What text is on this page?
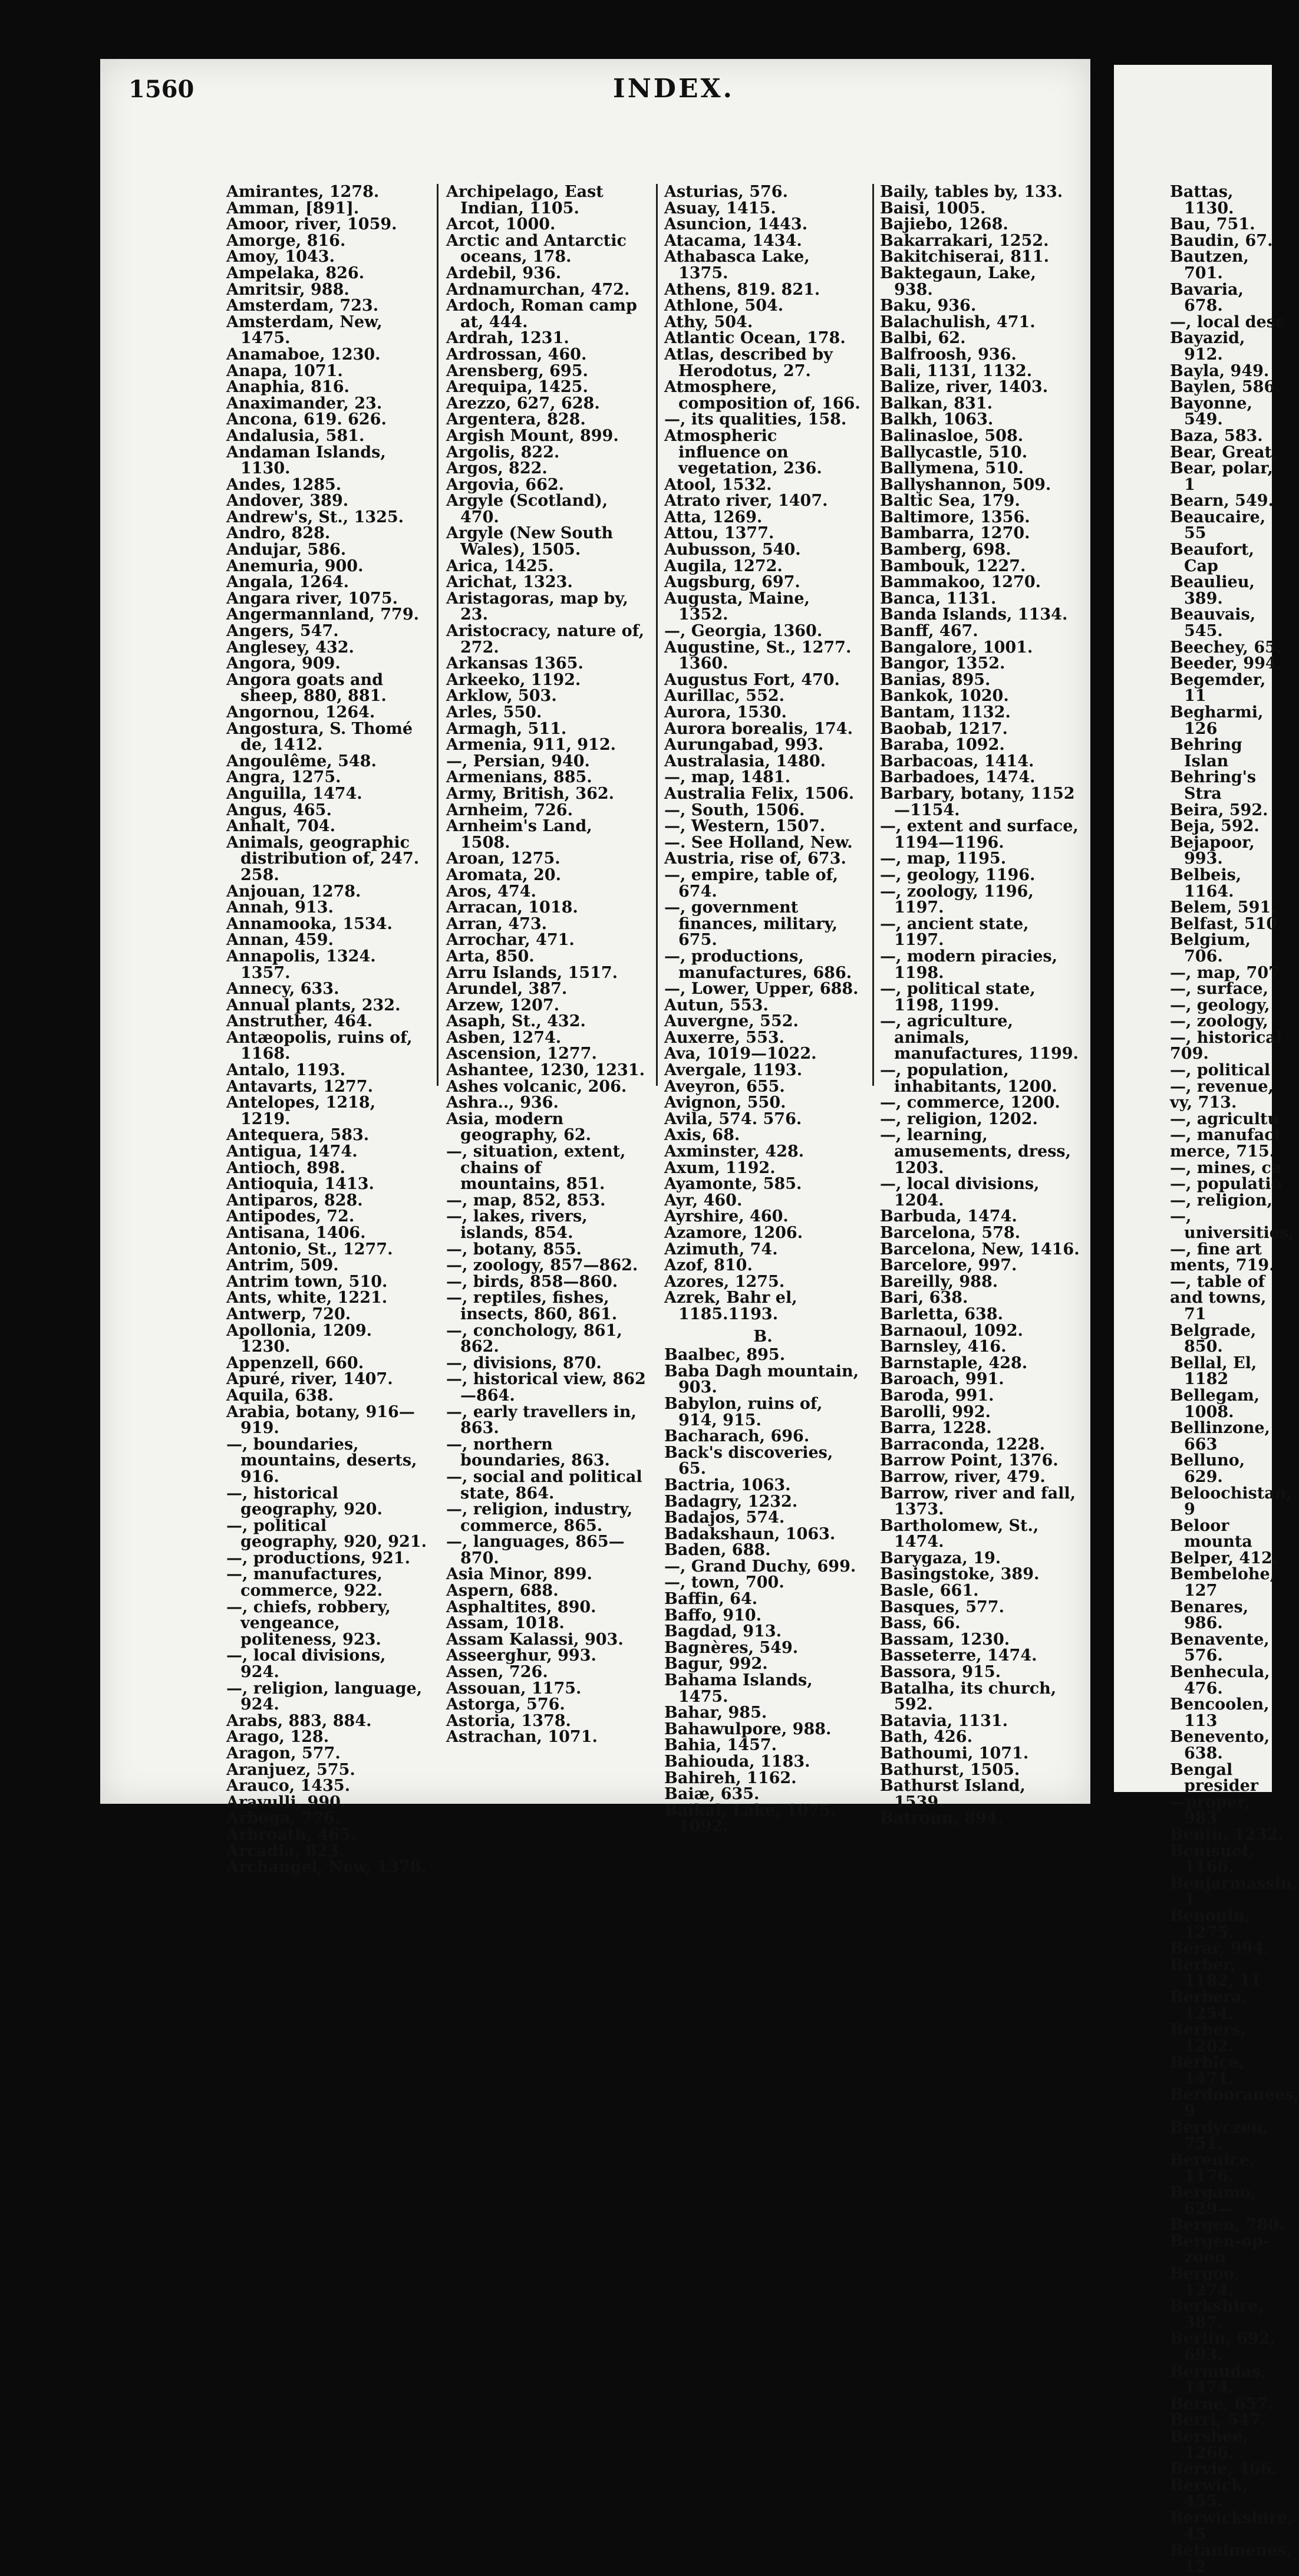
1560	INDEX.
Amirantes, 1278.
Amman, [891].
Amoor, river, 1059.
Amorge, 816.
Amoy, 1043.
Ampelaka, 826.
Amritsir, 988.
Amsterdam, 723.
Amsterdam, New, 1475.
Anamaboe, 1230.
Anapa, 1071.
Anaphia, 816.
Anaximander, 23.
Ancona, 619. 626.
Andalusia, 581.
Andaman Islands, 1130.
Andes, 1285.
Andover, 389.
Andrew's, St., 1325.
Andro, 828.
Andujar, 586.
Anemuria, 900.
Angala, 1264.
Angara river, 1075.
Angermannland, 779.
Angers, 547.
Anglesey, 432.
Angora, 909.
Angora goats and sheep, 880, 881.
Angornou, 1264.
Angostura, S. Thomé de, 1412.
Angoulême, 548.
Angra, 1275.
Anguilla, 1474.
Angus, 465.
Anhalt, 704.
Animals, geographic distribution of, 247. 258.
Anjouan, 1278.
Annah, 913.
Annamooka, 1534.
Annan, 459.
Annapolis, 1324. 1357.
Annecy, 633.
Annual plants, 232.
Anstruther, 464.
Antæopolis, ruins of, 1168.
Antalo, 1193.
Antavarts, 1277.
Antelopes, 1218, 1219.
Antequera, 583.
Antigua, 1474.
Antioch, 898.
Antioquia, 1413.
Antiparos, 828.
Antipodes, 72.
Antisana, 1406.
Antonio, St., 1277.
Antrim, 509.
Antrim town, 510.
Ants, white, 1221.
Antwerp, 720.
Apollonia, 1209. 1230.
Appenzell, 660.
Apuré, river, 1407.
Aquila, 638.
Arabia, botany, 916—919.
—, boundaries, mountains, deserts, 916.
—, historical geography, 920.
—, political geography, 920, 921.
—, productions, 921.
—, manufactures, commerce, 922.
—, chiefs, robbery, vengeance, politeness, 923.
—, local divisions, 924.
—, religion, language, 924.
Arabs, 883, 884.
Arago, 128.
Aragon, 577.
Aranjuez, 575.
Arauco, 1435.
Aravulli, 990.
Arboga, 776.
Arbroath, 465.
Arcadia, 823.
Archangel, New, 1378.
Archipelago, East Indian, 1105.
Arcot, 1000.
Arctic and Antarctic oceans, 178.
Ardebil, 936.
Ardnamurchan, 472.
Ardoch, Roman camp at, 444.
Ardrah, 1231.
Ardrossan, 460.
Arensberg, 695.
Arequipa, 1425.
Arezzo, 627, 628.
Argentera, 828.
Argish Mount, 899.
Argolis, 822.
Argos, 822.
Argovia, 662.
Argyle (Scotland), 470.
Argyle (New South Wales), 1505.
Arica, 1425.
Arichat, 1323.
Aristagoras, map by, 23.
Aristocracy, nature of, 272.
Arkansas 1365.
Arkeeko, 1192.
Arklow, 503.
Arles, 550.
Armagh, 511.
Armenia, 911, 912.
—, Persian, 940.
Armenians, 885.
Army, British, 362.
Arnheim, 726.
Arnheim's Land, 1508.
Aroan, 1275.
Aromata, 20.
Aros, 474.
Arracan, 1018.
Arran, 473.
Arrochar, 471.
Arta, 850.
Arru Islands, 1517.
Arundel, 387.
Arzew, 1207.
Asaph, St., 432.
Asben, 1274.
Ascension, 1277.
Ashantee, 1230, 1231.
Ashes volcanic, 206.
Ashra.., 936.
Asia, modern geography, 62.
—, situation, extent, chains of mountains, 851.
—, map, 852, 853.
—, lakes, rivers, islands, 854.
—, botany, 855.
—, zoology, 857—862.
—, birds, 858—860.
—, reptiles, fishes, insects, 860, 861.
—, conchology, 861, 862.
—, divisions, 870.
—, historical view, 862—864.
—, early travellers in, 863.
—, northern boundaries, 863.
—, social and political state, 864.
—, religion, industry, commerce, 865.
—, languages, 865—870.
Asia Minor, 899.
Aspern, 688.
Asphaltites, 890.
Assam, 1018.
Assam Kalassi, 903.
Asseerghur, 993.
Assen, 726.
Assouan, 1175.
Astorga, 576.
Astoria, 1378.
Astrachan, 1071.
Asturias, 576.
Asuay, 1415.
Asuncion, 1443.
Atacama, 1434.
Athabasca Lake, 1375.
Athens, 819. 821.
Athlone, 504.
Athy, 504.
Atlantic Ocean, 178.
Atlas, described by Herodotus, 27.
Atmosphere, composition of, 166.
—, its qualities, 158.
Atmospheric influence on vegetation, 236.
Atool, 1532.
Atrato river, 1407.
Atta, 1269.
Attou, 1377.
Aubusson, 540.
Augila, 1272.
Augsburg, 697.
Augusta, Maine, 1352.
—, Georgia, 1360.
Augustine, St., 1277. 1360.
Augustus Fort, 470.
Aurillac, 552.
Aurora, 1530.
Aurora borealis, 174.
Aurungabad, 993.
Australasia, 1480.
—, map, 1481.
Australia Felix, 1506.
—, South, 1506.
—, Western, 1507.
—. See Holland, New.
Austria, rise of, 673.
—, empire, table of, 674.
—, government finances, military, 675.
—, productions, manufactures, 686.
—, Lower, Upper, 688.
Autun, 553.
Auvergne, 552.
Auxerre, 553.
Ava, 1019—1022.
Avergale, 1193.
Aveyron, 655.
Avignon, 550.
Avila, 574. 576.
Axis, 68.
Axminster, 428.
Axum, 1192.
Ayamonte, 585.
Ayr, 460.
Ayrshire, 460.
Azamore, 1206.
Azimuth, 74.
Azof, 810.
Azores, 1275.
Azrek, Bahr el, 1185.1193.
B.
Baalbec, 895.
Baba Dagh mountain, 903.
Babylon, ruins of, 914, 915.
Bacharach, 696.
Back's discoveries, 65.
Bactria, 1063.
Badagry, 1232.
Badajos, 574.
Badakshaun, 1063.
Baden, 688.
—, Grand Duchy, 699.
—, town, 700.
Baffin, 64.
Baffo, 910.
Bagdad, 913.
Bagnères, 549.
Bagur, 992.
Bahama Islands, 1475.
Bahar, 985.
Bahawulpore, 988.
Bahia, 1457.
Bahiouda, 1183.
Bahireh, 1162.
Baiæ, 635.
Baikal, Lake, 1075. 1092.
Baily, tables by, 133.
Baisi, 1005.
Bajiebo, 1268.
Bakarrakari, 1252.
Bakitchiserai, 811.
Baktegaun, Lake, 938.
Baku, 936.
Balachulish, 471.
Balbi, 62.
Balfroosh, 936.
Bali, 1131, 1132.
Balize, river, 1403.
Balkan, 831.
Balkh, 1063.
Balinasloe, 508.
Ballycastle, 510.
Ballymena, 510.
Ballyshannon, 509.
Baltic Sea, 179.
Baltimore, 1356.
Bambarra, 1270.
Bamberg, 698.
Bambouk, 1227.
Bammakoo, 1270.
Banca, 1131.
Banda Islands, 1134.
Banff, 467.
Bangalore, 1001.
Bangor, 1352.
Banias, 895.
Bankok, 1020.
Bantam, 1132.
Baobab, 1217.
Baraba, 1092.
Barbacoas, 1414.
Barbadoes, 1474.
Barbary, botany, 1152—1154.
—, extent and surface, 1194—1196.
—, map, 1195.
—, geology, 1196.
—, zoology, 1196, 1197.
—, ancient state, 1197.
—, modern piracies, 1198.
—, political state, 1198, 1199.
—, agriculture, animals, manufactures, 1199.
—, population, inhabitants, 1200.
—, commerce, 1200.
—, religion, 1202.
—, learning, amusements, dress, 1203.
—, local divisions, 1204.
Barbuda, 1474.
Barcelona, 578.
Barcelona, New, 1416.
Barcelore, 997.
Bareilly, 988.
Bari, 638.
Barletta, 638.
Barnaoul, 1092.
Barnsley, 416.
Barnstaple, 428.
Baroach, 991.
Baroda, 991.
Barolli, 992.
Barra, 1228.
Barraconda, 1228.
Barrow Point, 1376.
Barrow, river, 479.
Barrow, river and fall, 1373.
Bartholomew, St., 1474.
Barygaza, 19.
Basingstoke, 389.
Basle, 661.
Basques, 577.
Bass, 66.
Bassam, 1230.
Basseterre, 1474.
Bassora, 915.
Batalha, its church, 592.
Batavia, 1131.
Bath, 426.
Bathoumi, 1071.
Bathurst, 1505.
Bathurst Island, 1539.
Batroun, 894.
Battas, 1130.
Bau, 751.
Baudin, 67.
Bautzen, 701.
Bavaria, 678.
—, local desc
Bayazid, 912.
Bayla, 949.
Baylen, 586.
Bayonne, 549.
Baza, 583.
Bear, Great,
Bear, polar, 1
Bearn, 549.
Beaucaire, 55
Beaufort, Cap
Beaulieu, 389.
Beauvais, 545.
Beechey, 65.
Beeder, 994.
Begemder, 11
Begharmi, 126
Behring Islan
Behring's Stra
Beira, 592.
Beja, 592.
Bejapoor, 993.
Belbeis, 1164.
Belem, 591.
Belfast, 510.
Belgium, 706.
—, map, 707
—, surface,
—, geology,
—, zoology,
—, historical
709.
—, political
—, revenue,
vy, 713.
—, agricultu
—, manufact
merce, 715.
—, mines, ca
—, populatio
—, religion,
—, universities,
—, fine art
ments, 719.
—, table of
and towns, 71
Belgrade, 850.
Bellal, El, 1182
Bellegam, 1008.
Bellinzone, 663
Belluno, 629.
Beloochistan, 9
Beloor mounta
Belper, 412.
Bembelohe, 127
Benares, 986.
Benavente, 576.
Benhecula, 476.
Bencoolen, 113
Benevento, 638.
Bengal presider
—proper, 983
Benin, 1232.
Benisuef, 1166.
Benjarmassin, 1
Benouin, 1275.
Berar, 994.
Berber, 1182, 11
Berbera, 1254.
Berbers, 1202.
Berbice, 1471.
Berdooranees, 9
Berdyczeu, 751.
Berenice, 1176.
Bergamo, 629—
Bergen, 780.
Bergen-op-zoon
Bergoo, 1274.
Berkshire, 387.
Berlin, 692, 693.
Bermudas, 1474.
Berne, 657.
Berri, 547.
Bershee, 1266.
Bervie, 466.
Berwick, 455.
Berwickshire, 45
Betanimenes, 12
